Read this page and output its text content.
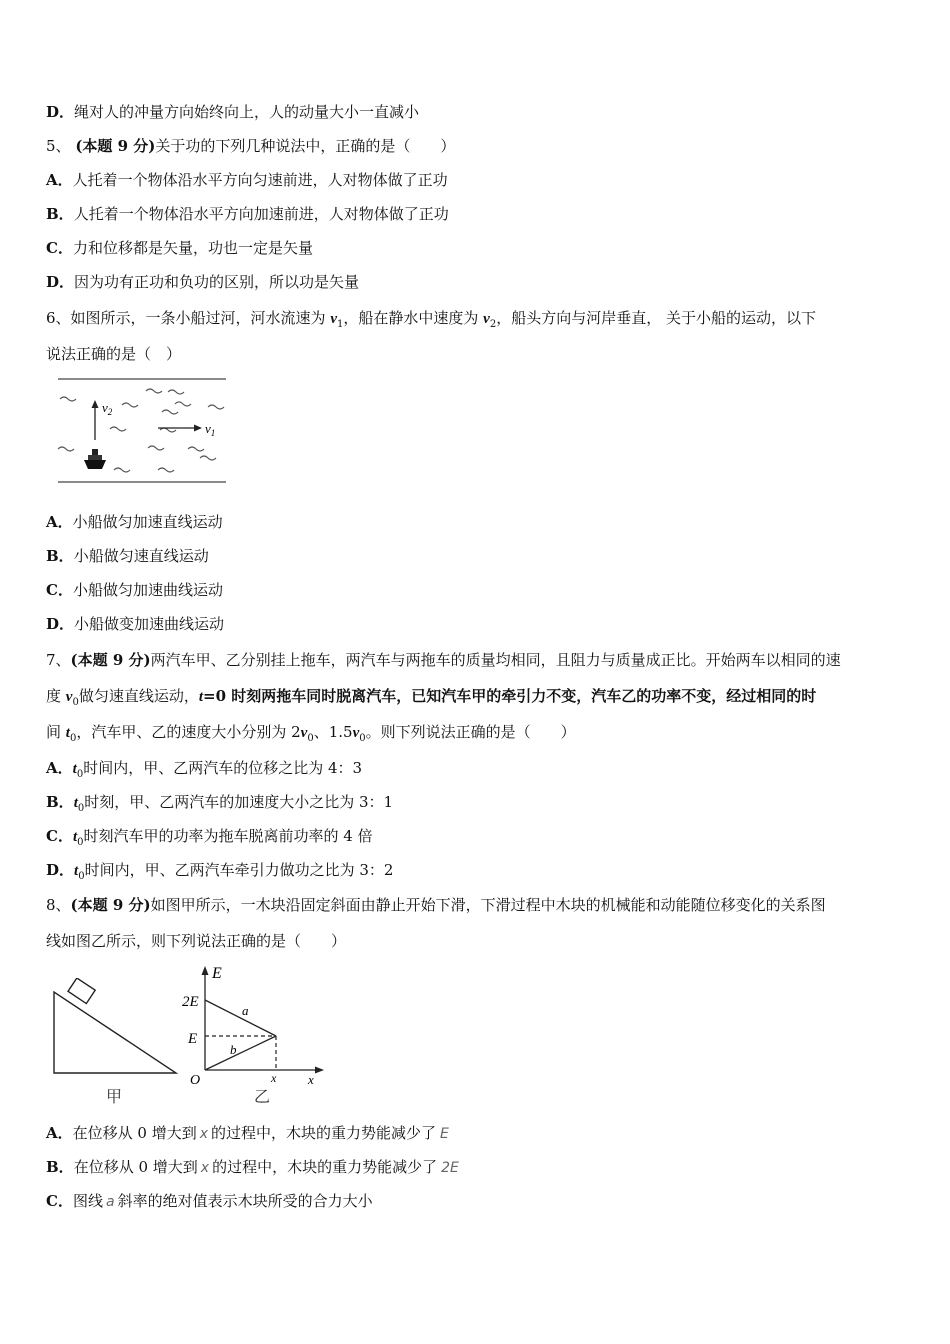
D．绳对人的冲量方向始终向上，人的动量大小一直减小
5、 (本题 9 分)关于功的下列几种说法中，正确的是（　　）
A．人托着一个物体沿水平方向匀速前进，人对物体做了正功
B．人托着一个物体沿水平方向加速前进，人对物体做了正功
C．力和位移都是矢量，功也一定是矢量
D．因为功有正功和负功的区别，所以功是矢量
6、如图所示，一条小船过河，河水流速为 $v_1$，船在静水中速度为 $v_2$，船头方向与河岸垂直， 关于小船的运动，以下
说法正确的是（　）
$v_2$
$v_1$
A．小船做匀加速直线运动
B．小船做匀速直线运动
C．小船做匀加速曲线运动
D．小船做变加速曲线运动
7、(本题 9 分)两汽车甲、乙分别挂上拖车，两汽车与两拖车的质量均相同，且阻力与质量成正比。开始两车以相同的速
度 $v_0$做匀速直线运动，t=0 时刻两拖车同时脱离汽车，已知汽车甲的牵引力不变，汽车乙的功率不变，经过相同的时
间 $t_0$，汽车甲、乙的速度大小分别为 $2v_0$、$1.5v_0$。则下列说法正确的是（　　）
A．$t_0$时间内，甲、乙两汽车的位移之比为 4：3
B．$t_0$时刻，甲、乙两汽车的加速度大小之比为 3：1
C．$t_0$时刻汽车甲的功率为拖车脱离前功率的 4 倍
D．$t_0$时间内，甲、乙两汽车牵引力做功之比为 3：2
8、(本题 9 分)如图甲所示，一木块沿固定斜面由静止开始下滑，下滑过程中木块的机械能和动能随位移变化的关系图
线如图乙所示，则下列说法正确的是（　　）
甲
E
x
O
2E
E
x
a
b
乙
A．在位移从 0 增大到 x 的过程中，木块的重力势能减少了 E
B．在位移从 0 增大到 x 的过程中，木块的重力势能减少了 2E
C．图线 a 斜率的绝对值表示木块所受的合力大小
